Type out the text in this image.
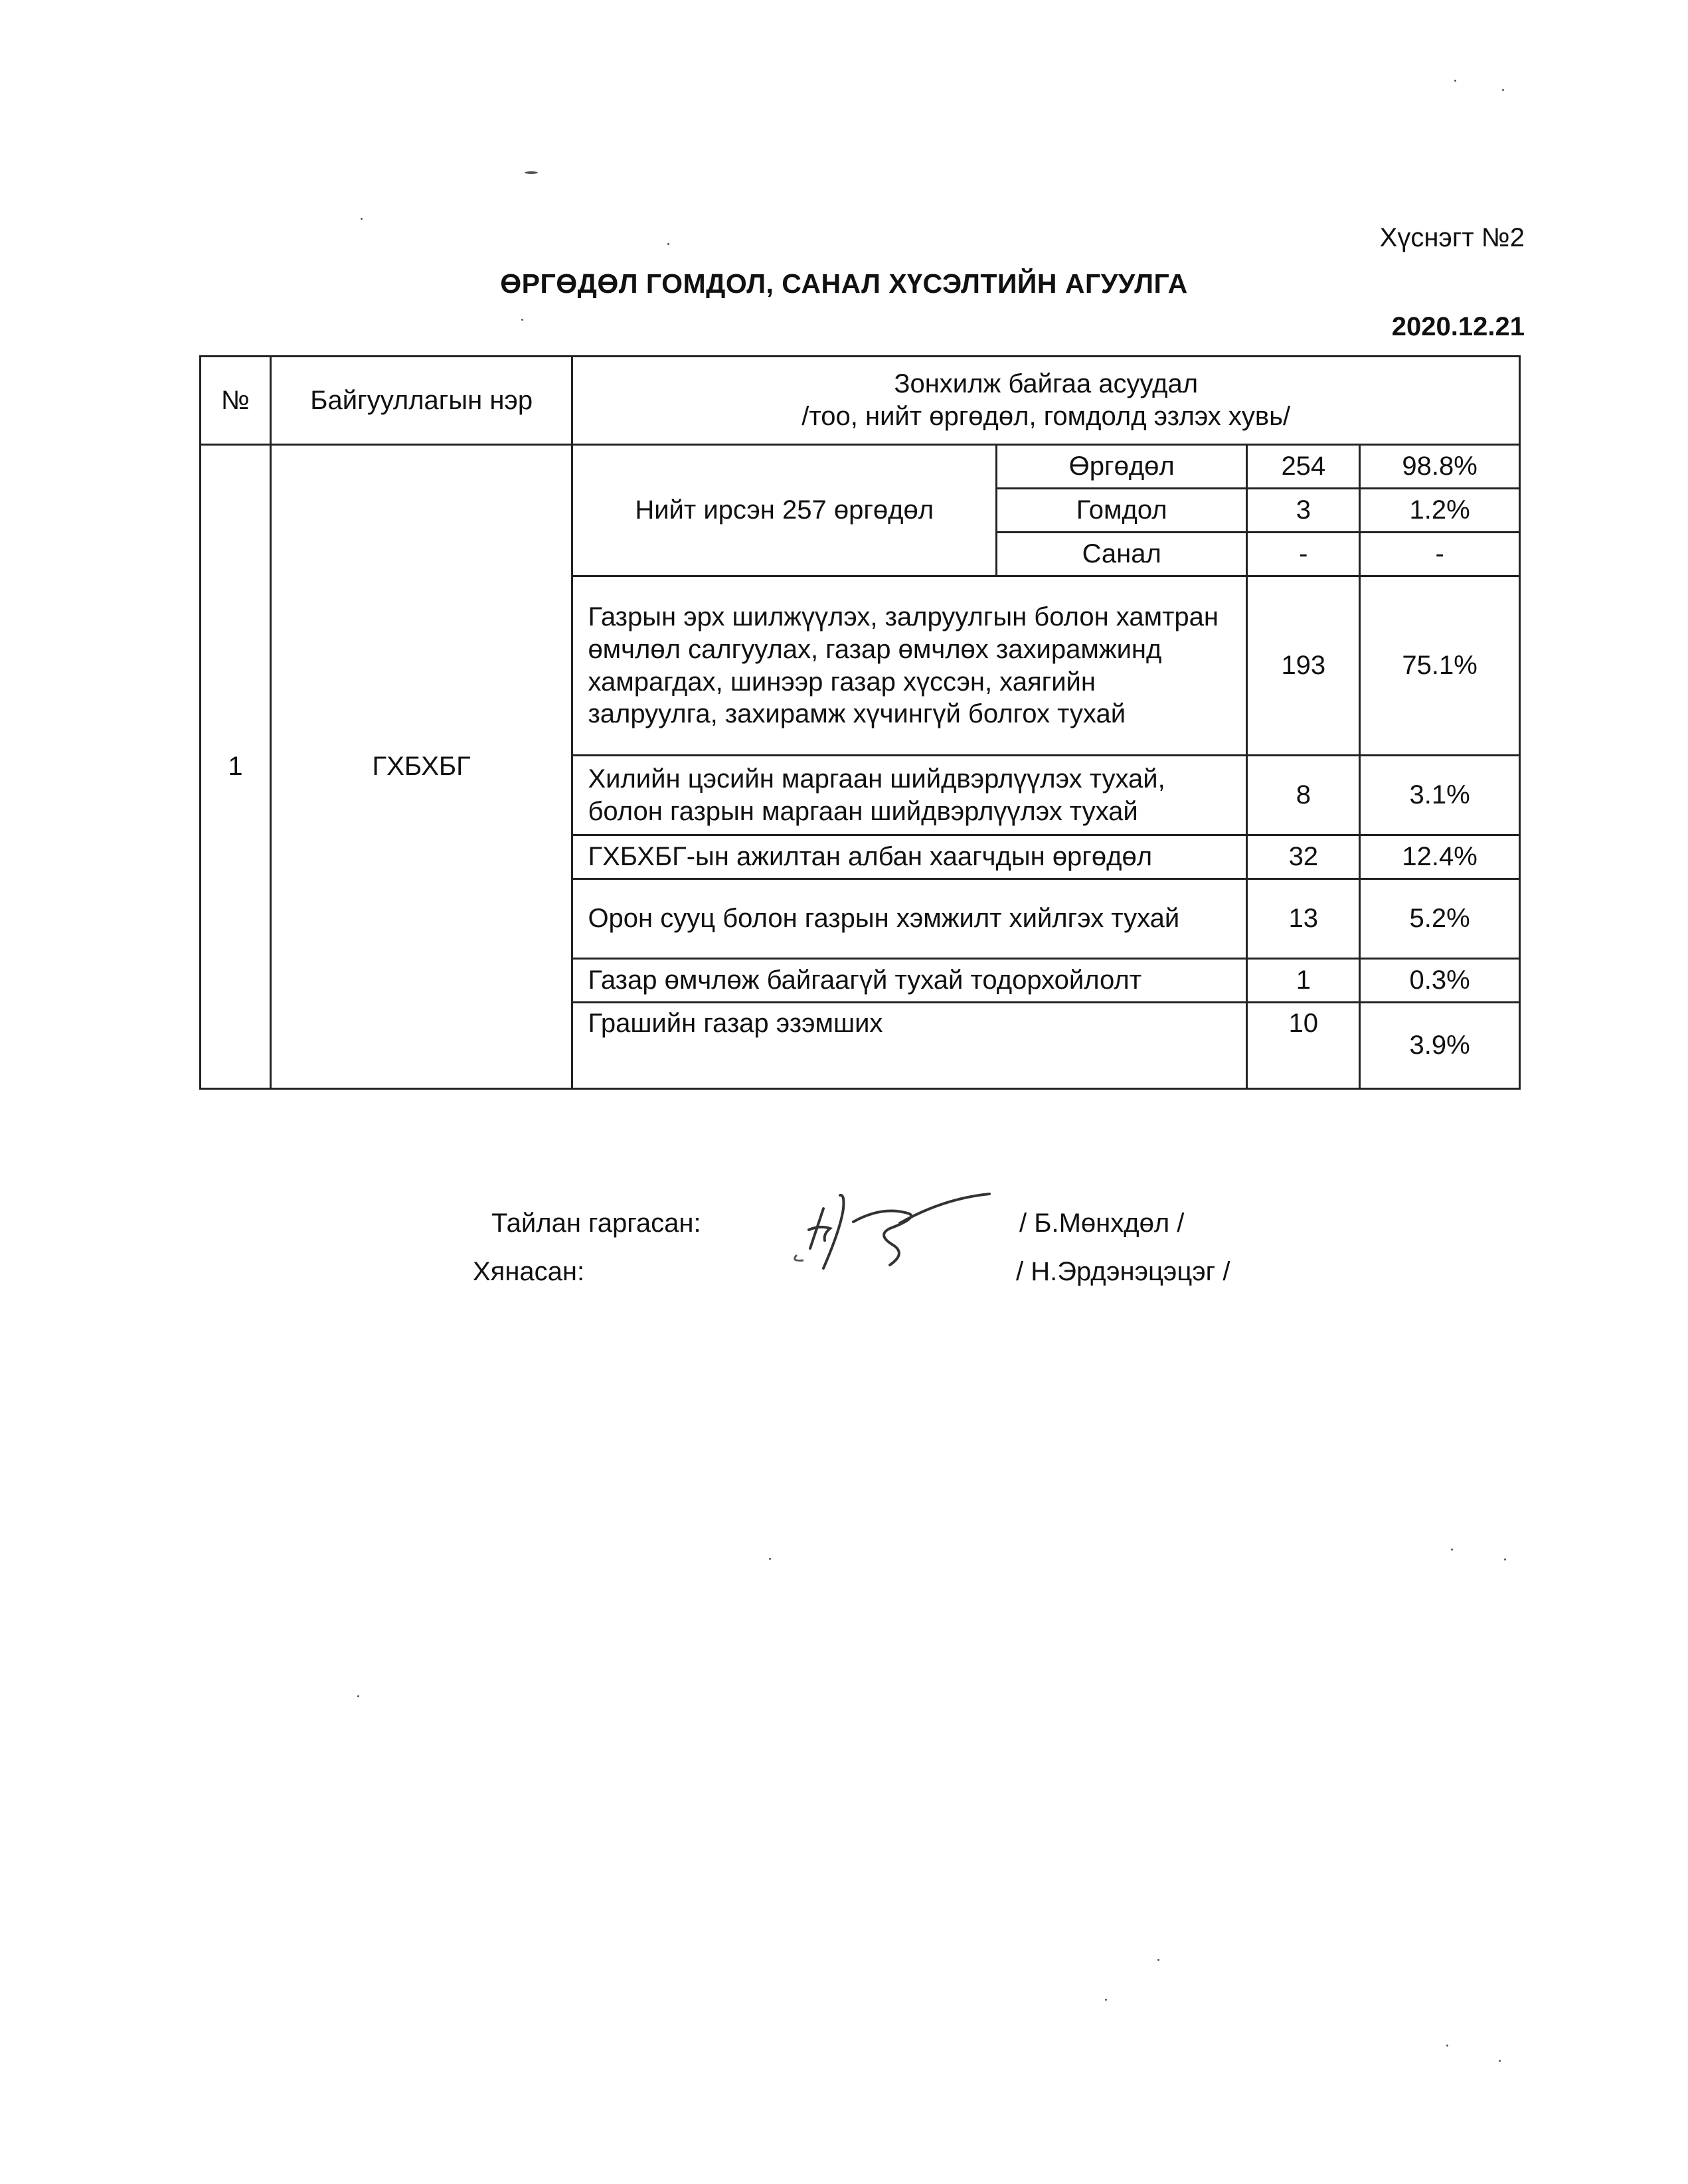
Хүснэгт №2
ӨРГӨДӨЛ ГОМДОЛ, САНАЛ ХҮСЭЛТИЙН АГУУЛГА
2020.12.21
№	Байгууллагын нэр	Зонхилж байгаа асуудал
/тоо, нийт өргөдөл, гомдолд эзлэх хувь/			

1	ГХБХБГ	Нийт ирсэн 257 өргөдөл	Өргөдөл	254	98.8%
			Гомдол	3	1.2%
			Санал	-	-
		Газрын эрх шилжүүлэх, залруулгын болон хамтран өмчлөл салгуулах, газар өмчлөх захирамжинд хамрагдах, шинээр газар хүссэн, хаягийн залруулга, захирамж хүчингүй болгох тухай		193	75.1%
		Хилийн цэсийн маргаан шийдвэрлүүлэх тухай, болон газрын маргаан шийдвэрлүүлэх тухай		8	3.1%
		ГХБХБГ-ын ажилтан албан хаагчдын өргөдөл		32	12.4%
		Орон сууц болон газрын хэмжилт хийлгэх тухай		13	5.2%
		Газар өмчлөж байгаагүй тухай тодорхойлолт		1	0.3%
		Грашийн газар эзэмших		10	3.9%
Тайлан гаргасан:	/ Б.Мөнхдөл /
Хянасан:	/ Н.Эрдэнэцэцэг /
